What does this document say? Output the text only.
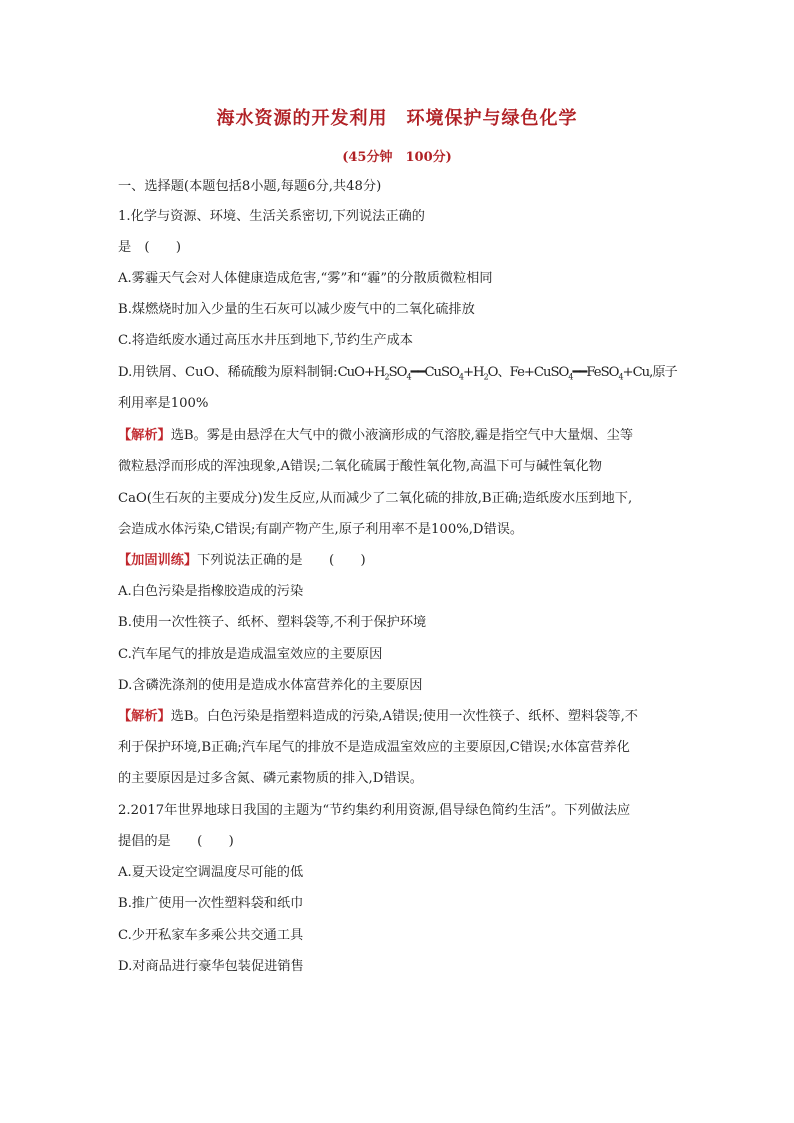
海水资源的开发利用　环境保护与绿色化学
(45分钟　100分)
一、选择题(本题包括8小题,每题6分,共48分)
1.化学与资源、环境、生活关系密切,下列说法正确的
是　(　　)
A.雾霾天气会对人体健康造成危害,“雾”和“霾”的分散质微粒相同
B.煤燃烧时加入少量的生石灰可以减少废气中的二氧化硫排放
C.将造纸废水通过高压水井压到地下,节约生产成本
D.用铁屑、CuO、稀硫酸为原料制铜$:CuO+H_2SO_4━━CuSO_4+H_2O$、Fe+CuSO$_4$━━FeSO$_4$+Cu,原子
利用率是100%
【解析】选B。雾是由悬浮在大气中的微小液滴形成的气溶胶,霾是指空气中大量烟、尘等
微粒悬浮而形成的浑浊现象,A错误;二氧化硫属于酸性氧化物,高温下可与碱性氧化物
CaO(生石灰的主要成分)发生反应,从而减少了二氧化硫的排放,B正确;造纸废水压到地下,
会造成水体污染,C错误;有副产物产生,原子利用率不是100%,D错误。
【加固训练】下列说法正确的是　　(　　)
A.白色污染是指橡胶造成的污染
B.使用一次性筷子、纸杯、塑料袋等,不利于保护环境
C.汽车尾气的排放是造成温室效应的主要原因
D.含磷洗涤剂的使用是造成水体富营养化的主要原因
【解析】选B。白色污染是指塑料造成的污染,A错误;使用一次性筷子、纸杯、塑料袋等,不
利于保护环境,B正确;汽车尾气的排放不是造成温室效应的主要原因,C错误;水体富营养化
的主要原因是过多含氮、磷元素物质的排入,D错误。
2.2017年世界地球日我国的主题为“节约集约利用资源,倡导绿色简约生活”。下列做法应
提倡的是　　(　　)
A.夏天设定空调温度尽可能的低
B.推广使用一次性塑料袋和纸巾
C.少开私家车多乘公共交通工具
D.对商品进行豪华包装促进销售
